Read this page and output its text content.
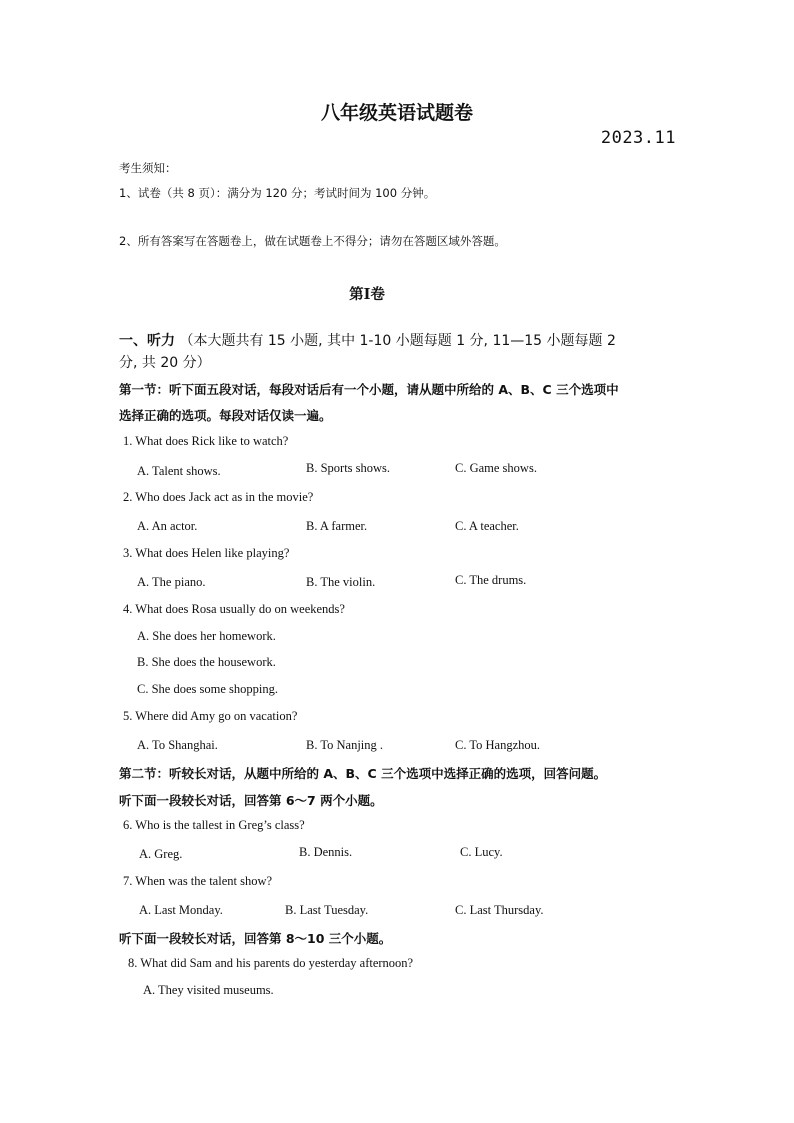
八年级英语试题卷
2023.11
考生须知：
1、试卷（共 8 页）：满分为 120 分；考试时间为 100 分钟。
2、所有答案写在答题卷上，做在试题卷上不得分；请勿在答题区域外答题。
第Ⅰ卷
一、听力 （本大题共有 15 小题, 其中 1-10 小题每题 1 分, 11—15 小题每题 2
分, 共 20 分）
第一节：听下面五段对话，每段对话后有一个小题，请从题中所给的 A、B、C 三个选项中
选择正确的选项。每段对话仅读一遍。
1. What does Rick like to watch?
A. Talent shows.	B. Sports shows.	C. Game shows.
2. Who does Jack act as in the movie?
A. An actor.	B. A farmer.	C. A teacher.
3. What does Helen like playing?
A. The piano.	B. The violin.	C. The drums.
4. What does Rosa usually do on weekends?
A. She does her homework.
B. She does the housework.
C. She does some shopping.
5. Where did Amy go on vacation?
A. To Shanghai.	B. To Nanjing .	C. To Hangzhou.
第二节：听较长对话，从题中所给的 A、B、C 三个选项中选择正确的选项，回答问题。
听下面一段较长对话，回答第 6～7 两个小题。
6. Who is the tallest in Greg’s class?
A. Greg.	B. Dennis.	C. Lucy.
7. When was the talent show?
A. Last Monday.	B. Last Tuesday.	C. Last Thursday.
听下面一段较长对话，回答第 8～10 三个小题。
8. What did Sam and his parents do yesterday afternoon?
A. They visited museums.
